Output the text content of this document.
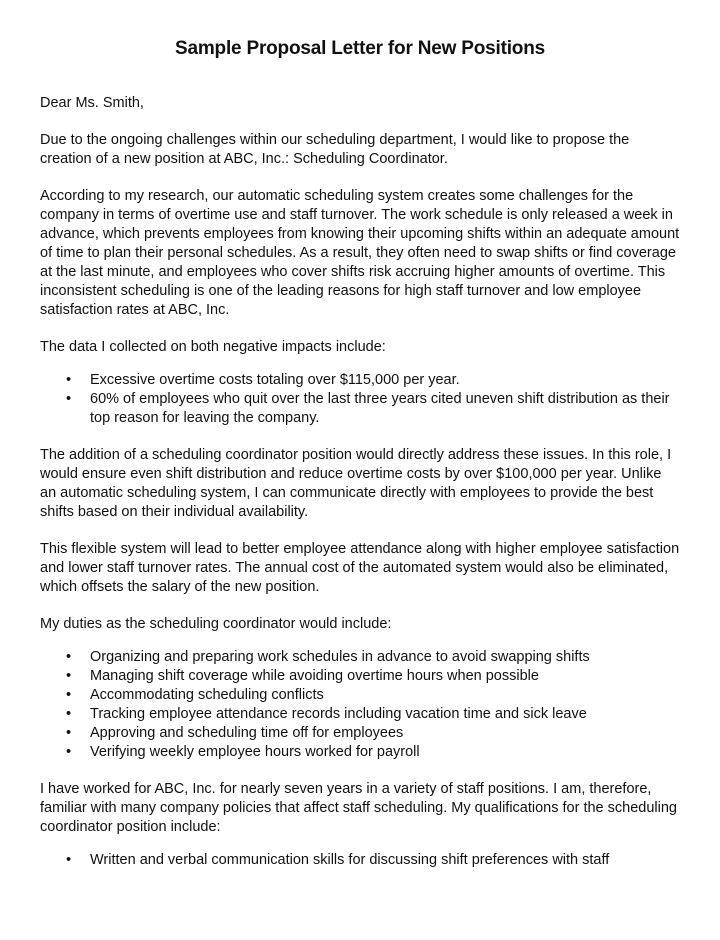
Sample Proposal Letter for New Positions
Dear Ms. Smith,

Due to the ongoing challenges within our scheduling department, I would like to propose the creation of a new position at ABC, Inc.: Scheduling Coordinator.

According to my research, our automatic scheduling system creates some challenges for the company in terms of overtime use and staff turnover. The work schedule is only released a week in advance, which prevents employees from knowing their upcoming shifts within an adequate amount of time to plan their personal schedules. As a result, they often need to swap shifts or find coverage at the last minute, and employees who cover shifts risk accruing higher amounts of overtime. This inconsistent scheduling is one of the leading reasons for high staff turnover and low employee satisfaction rates at ABC, Inc.

The data I collected on both negative impacts include:

• Excessive overtime costs totaling over $115,000 per year.
• 60% of employees who quit over the last three years cited uneven shift distribution as their top reason for leaving the company.

The addition of a scheduling coordinator position would directly address these issues. In this role, I would ensure even shift distribution and reduce overtime costs by over $100,000 per year. Unlike an automatic scheduling system, I can communicate directly with employees to provide the best shifts based on their individual availability.

This flexible system will lead to better employee attendance along with higher employee satisfaction and lower staff turnover rates. The annual cost of the automated system would also be eliminated, which offsets the salary of the new position.

My duties as the scheduling coordinator would include:

• Organizing and preparing work schedules in advance to avoid swapping shifts
• Managing shift coverage while avoiding overtime hours when possible
• Accommodating scheduling conflicts
• Tracking employee attendance records including vacation time and sick leave
• Approving and scheduling time off for employees
• Verifying weekly employee hours worked for payroll

I have worked for ABC, Inc. for nearly seven years in a variety of staff positions. I am, therefore, familiar with many company policies that affect staff scheduling. My qualifications for the scheduling coordinator position include:

• Written and verbal communication skills for discussing shift preferences with staff
